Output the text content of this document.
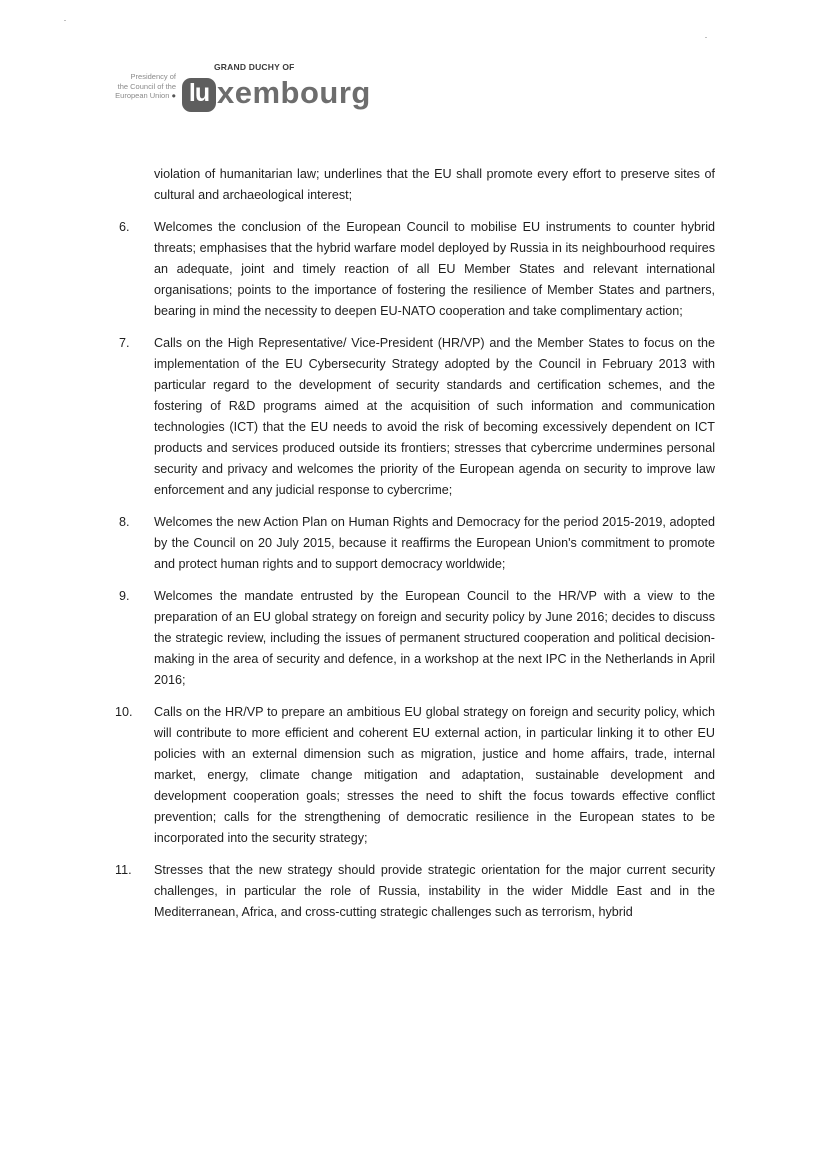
Presidency of
the Council of the
European Union ●
GRAND DUCHY OF
lu xembourg
violation of humanitarian law; underlines that the EU shall promote every effort to preserve sites of cultural and archaeological interest;
6. Welcomes the conclusion of the European Council to mobilise EU instruments to counter hybrid threats; emphasises that the hybrid warfare model deployed by Russia in its neighbourhood requires an adequate, joint and timely reaction of all EU Member States and relevant international organisations; points to the importance of fostering the resilience of Member States and partners, bearing in mind the necessity to deepen EU-NATO cooperation and take complimentary action;
7. Calls on the High Representative/ Vice-President (HR/VP) and the Member States to focus on the implementation of the EU Cybersecurity Strategy adopted by the Council in February 2013 with particular regard to the development of security standards and certification schemes, and the fostering of R&D programs aimed at the acquisition of such information and communication technologies (ICT) that the EU needs to avoid the risk of becoming excessively dependent on ICT products and services produced outside its frontiers; stresses that cybercrime undermines personal security and privacy and welcomes the priority of the European agenda on security to improve law enforcement and any judicial response to cybercrime;
8. Welcomes the new Action Plan on Human Rights and Democracy for the period 2015-2019, adopted by the Council on 20 July 2015, because it reaffirms the European Union's commitment to promote and protect human rights and to support democracy worldwide;
9. Welcomes the mandate entrusted by the European Council to the HR/VP with a view to the preparation of an EU global strategy on foreign and security policy by June 2016; decides to discuss the strategic review, including the issues of permanent structured cooperation and political decision-making in the area of security and defence, in a workshop at the next IPC in the Netherlands in April 2016;
10. Calls on the HR/VP to prepare an ambitious EU global strategy on foreign and security policy, which will contribute to more efficient and coherent EU external action, in particular linking it to other EU policies with an external dimension such as migration, justice and home affairs, trade, internal market, energy, climate change mitigation and adaptation, sustainable development and development cooperation goals; stresses the need to shift the focus towards effective conflict prevention; calls for the strengthening of democratic resilience in the European states to be incorporated into the security strategy;
11. Stresses that the new strategy should provide strategic orientation for the major current security challenges, in particular the role of Russia, instability in the wider Middle East and in the Mediterranean, Africa, and cross-cutting strategic challenges such as terrorism, hybrid
